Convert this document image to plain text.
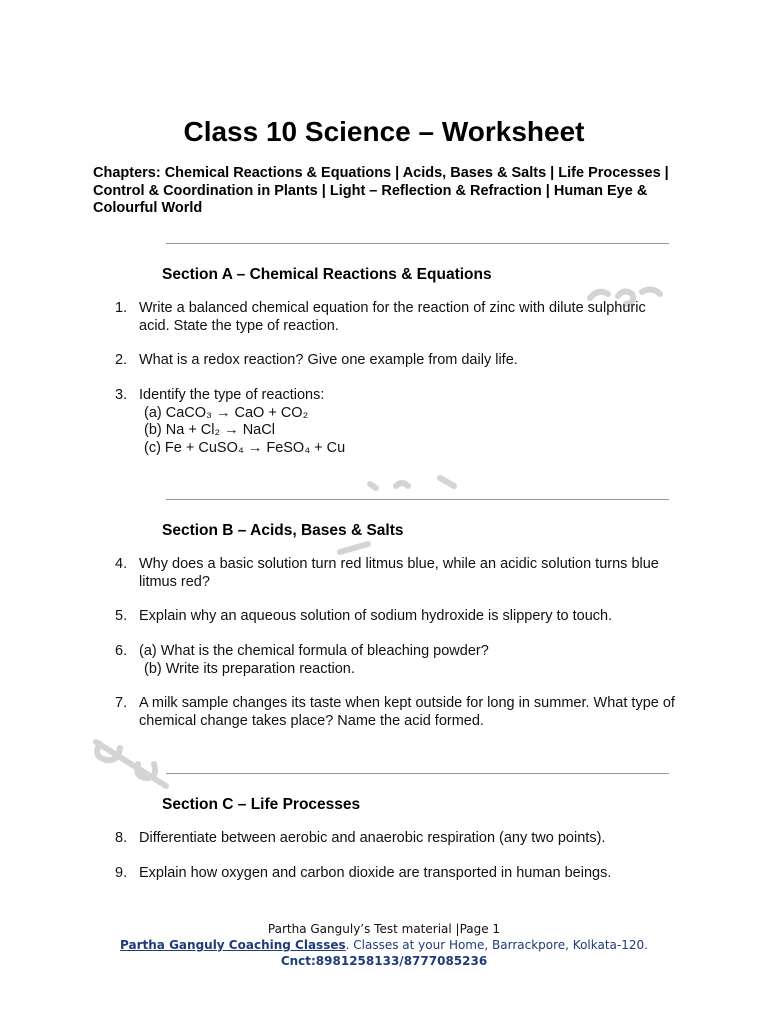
Class 10 Science – Worksheet
Chapters: Chemical Reactions & Equations | Acids, Bases & Salts | Life Processes | Control & Coordination in Plants | Light – Reflection & Refraction | Human Eye & Colourful World
Section A – Chemical Reactions & Equations
1. Write a balanced chemical equation for the reaction of zinc with dilute sulphuric acid. State the type of reaction.
2. What is a redox reaction? Give one example from daily life.
3. Identify the type of reactions:
(a) CaCO₃ → CaO + CO₂
(b) Na + Cl₂ → NaCl
(c) Fe + CuSO₄ → FeSO₄ + Cu
Section B – Acids, Bases & Salts
4. Why does a basic solution turn red litmus blue, while an acidic solution turns blue litmus red?
5. Explain why an aqueous solution of sodium hydroxide is slippery to touch.
6. (a) What is the chemical formula of bleaching powder?
(b) Write its preparation reaction.
7. A milk sample changes its taste when kept outside for long in summer. What type of chemical change takes place? Name the acid formed.
Section C – Life Processes
8. Differentiate between aerobic and anaerobic respiration (any two points).
9. Explain how oxygen and carbon dioxide are transported in human beings.
Partha Ganguly’s Test material |Page 1
Partha Ganguly Coaching Classes. Classes at your Home, Barrackpore, Kolkata-120.
Cnct:8981258133/8777085236
